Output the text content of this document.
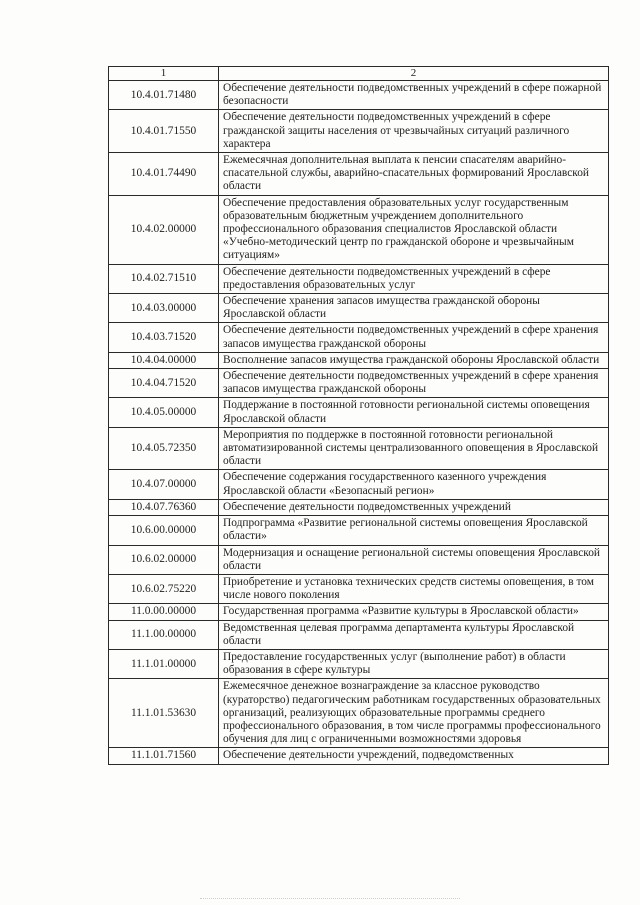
1	2
10.4.01.71480	Обеспечение деятельности подведомственных учреждений в сфере пожарной безопасности
10.4.01.71550	Обеспечение деятельности подведомственных учреждений в сфере гражданской защиты населения от чрезвычайных ситуаций различного характера
10.4.01.74490	Ежемесячная дополнительная выплата к пенсии спасателям аварийно-спасательной службы, аварийно-спасательных формирований Ярославской области
10.4.02.00000	Обеспечение предоставления образовательных услуг государственным образовательным бюджетным учреждением дополнительного профессионального образования специалистов Ярославской области «Учебно-методический центр по гражданской обороне и чрезвычайным ситуациям»
10.4.02.71510	Обеспечение деятельности подведомственных учреждений в сфере предоставления образовательных услуг
10.4.03.00000	Обеспечение хранения запасов имущества гражданской обороны Ярославской области
10.4.03.71520	Обеспечение деятельности подведомственных учреждений в сфере хранения запасов имущества гражданской обороны
10.4.04.00000	Восполнение запасов имущества гражданской обороны Ярославской области
10.4.04.71520	Обеспечение деятельности подведомственных учреждений в сфере хранения запасов имущества гражданской обороны
10.4.05.00000	Поддержание в постоянной готовности региональной системы оповещения Ярославской области
10.4.05.72350	Мероприятия по поддержке в постоянной готовности региональной автоматизированной системы централизованного оповещения в Ярославской области
10.4.07.00000	Обеспечение содержания государственного казенного учреждения Ярославской области «Безопасный регион»
10.4.07.76360	Обеспечение деятельности подведомственных учреждений
10.6.00.00000	Подпрограмма «Развитие региональной системы оповещения Ярославской области»
10.6.02.00000	Модернизация и оснащение региональной системы оповещения Ярославской области
10.6.02.75220	Приобретение и установка технических средств системы оповещения, в том числе нового поколения
11.0.00.00000	Государственная программа «Развитие культуры в Ярославской области»
11.1.00.00000	Ведомственная целевая программа департамента культуры Ярославской области
11.1.01.00000	Предоставление государственных услуг (выполнение работ) в области образования в сфере культуры
11.1.01.53630	Ежемесячное денежное вознаграждение за классное руководство (кураторство) педагогическим работникам государственных образовательных организаций, реализующих образовательные программы среднего профессионального образования, в том числе программы профессионального обучения для лиц с ограниченными возможностями здоровья
11.1.01.71560	Обеспечение деятельности учреждений, подведомственных
